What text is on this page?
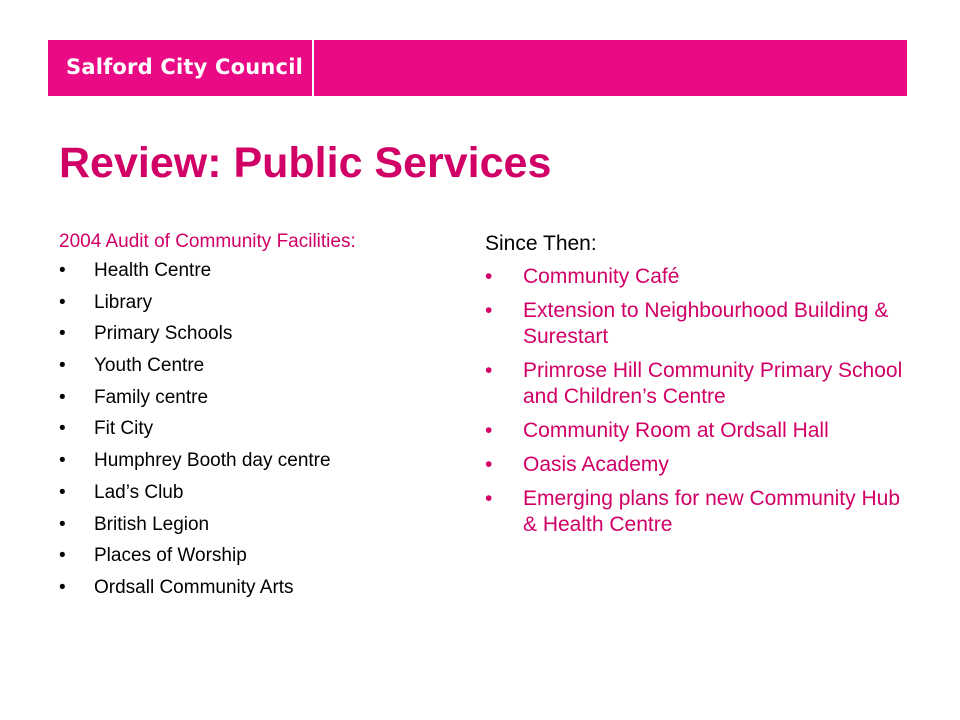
Salford City Council
Review: Public Services
2004 Audit of Community Facilities:
• Health Centre
• Library
• Primary Schools
• Youth Centre
• Family centre
• Fit City
• Humphrey Booth day centre
• Lad’s Club
• British Legion
• Places of Worship
• Ordsall Community Arts
Since Then:
• Community Café
• Extension to Neighbourhood Building & Surestart
• Primrose Hill Community Primary School and Children’s Centre
• Community Room at Ordsall Hall
• Oasis Academy
• Emerging plans for new Community Hub & Health Centre
